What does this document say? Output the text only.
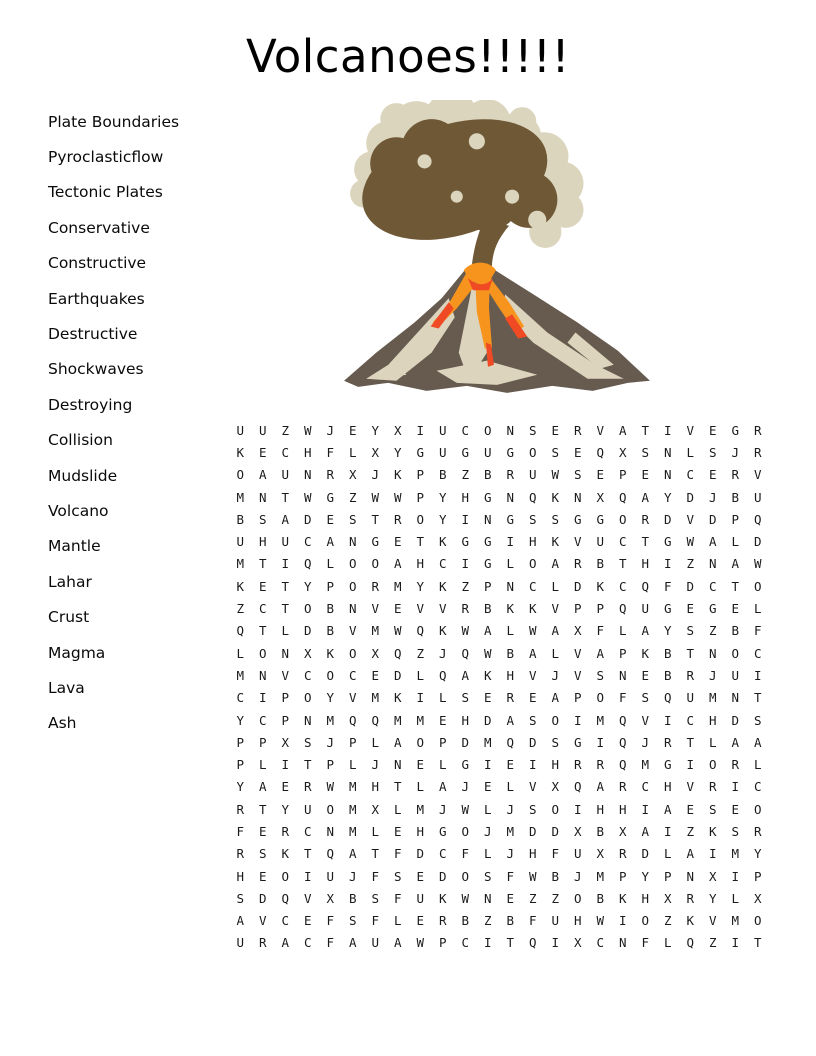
Volcanoes!!!!!
Plate Boundaries
Pyroclasticflow
Tectonic Plates
Conservative
Constructive
Earthquakes
Destructive
Shockwaves
Destroying
Collision
Mudslide
Volcano
Mantle
Lahar
Crust
Magma
Lava
Ash
U	U	Z	W	J	E	Y	X	I	U	C	O	N	S	E	R	V	A	T	I	V	E	G	R
K	E	C	H	F	L	X	Y	G	U	G	U	G	O	S	E	Q	X	S	N	L	S	J	R
O	A	U	N	R	X	J	K	P	B	Z	B	R	U	W	S	E	P	E	N	C	E	R	V
M	N	T	W	G	Z	W	W	P	Y	H	G	N	Q	K	N	X	Q	A	Y	D	J	B	U
B	S	A	D	E	S	T	R	O	Y	I	N	G	S	S	G	G	O	R	D	V	D	P	Q
U	H	U	C	A	N	G	E	T	K	G	G	I	H	K	V	U	C	T	G	W	A	L	D
M	T	I	Q	L	O	O	A	H	C	I	G	L	O	A	R	B	T	H	I	Z	N	A	W
K	E	T	Y	P	O	R	M	Y	K	Z	P	N	C	L	D	K	C	Q	F	D	C	T	O
Z	C	T	O	B	N	V	E	V	V	R	B	K	K	V	P	P	Q	U	G	E	G	E	L
Q	T	L	D	B	V	M	W	Q	K	W	A	L	W	A	X	F	L	A	Y	S	Z	B	F
L	O	N	X	K	O	X	Q	Z	J	Q	W	B	A	L	V	A	P	K	B	T	N	O	C
M	N	V	C	O	C	E	D	L	Q	A	K	H	V	J	V	S	N	E	B	R	J	U	I
C	I	P	O	Y	V	M	K	I	L	S	E	R	E	A	P	O	F	S	Q	U	M	N	T
Y	C	P	N	M	Q	Q	M	M	E	H	D	A	S	O	I	M	Q	V	I	C	H	D	S
P	P	X	S	J	P	L	A	O	P	D	M	Q	D	S	G	I	Q	J	R	T	L	A	A
P	L	I	T	P	L	J	N	E	L	G	I	E	I	H	R	R	Q	M	G	I	O	R	L
Y	A	E	R	W	M	H	T	L	A	J	E	L	V	X	Q	A	R	C	H	V	R	I	C
R	T	Y	U	O	M	X	L	M	J	W	L	J	S	O	I	H	H	I	A	E	S	E	O
F	E	R	C	N	M	L	E	H	G	O	J	M	D	D	X	B	X	A	I	Z	K	S	R
R	S	K	T	Q	A	T	F	D	C	F	L	J	H	F	U	X	R	D	L	A	I	M	Y
H	E	O	I	U	J	F	S	E	D	O	S	F	W	B	J	M	P	Y	P	N	X	I	P
S	D	Q	V	X	B	S	F	U	K	W	N	E	Z	Z	O	B	K	H	X	R	Y	L	X
A	V	C	E	F	S	F	L	E	R	B	Z	B	F	U	H	W	I	O	Z	K	V	M	O
U	R	A	C	F	A	U	A	W	P	C	I	T	Q	I	X	C	N	F	L	Q	Z	I	T
